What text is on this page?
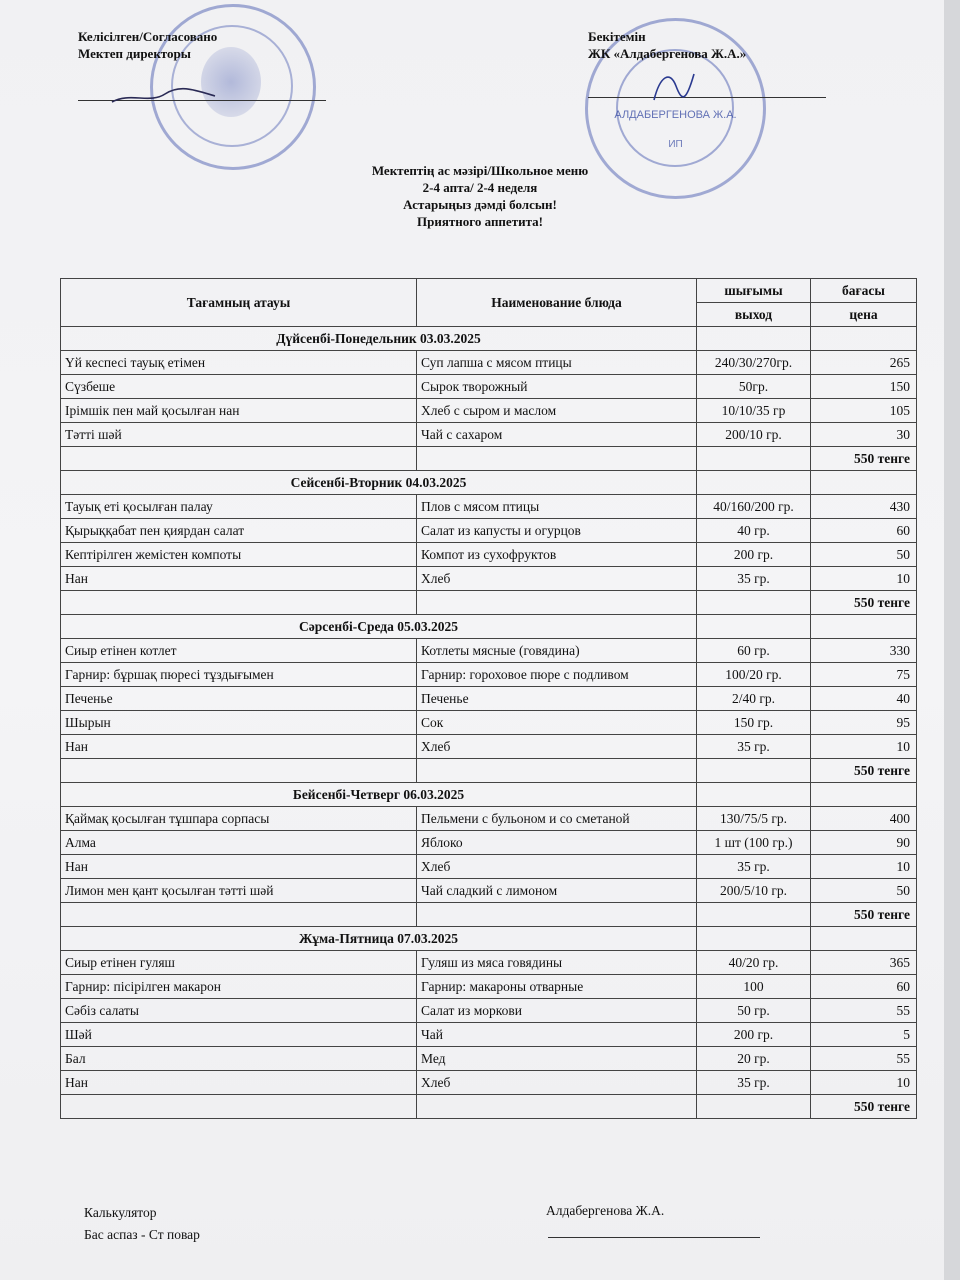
АЛДАБЕРГЕНОВА Ж.А.
ИП
Келісілген/Согласовано
Мектеп директоры
Бекітемін
ЖК «Алдабергенова Ж.А.»
Мектептің ас мәзірі/Школьное меню
2-4 апта/ 2-4 неделя
Астарыңыз дәмді болсын!
Приятного аппетита!
Тағамның атауы	Наименование блюда	шығымы	бағасы
		выход	цена
Дүйсенбі-Понедельник 03.03.2025			
Үй кеспесі тауық етімен	Суп лапша с мясом птицы	240/30/270гр.	265
Сүзбеше	Сырок творожный	50гр.	150
Ірімшік пен май қосылған нан	Хлеб с сыром и маслом	10/10/35 гр	105
Тәтті шәй	Чай с сахаром	200/10 гр.	30
			550 тенге
Сейсенбі-Вторник 04.03.2025			
Тауық еті қосылған палау	Плов с мясом птицы	40/160/200 гр.	430
Қырыққабат пен қиярдан салат	Салат из капусты и огурцов	40 гр.	60
Кептірілген жемістен компоты	Компот из сухофруктов	200 гр.	50
Нан	Хлеб	35 гр.	10
			550 тенге
Сәрсенбі-Среда 05.03.2025			
Сиыр етінен котлет	Котлеты мясные (говядина)	60 гр.	330
Гарнир: бұршақ пюресі тұздығымен	Гарнир: гороховое пюре с подливом	100/20 гр.	75
Печенье	Печенье	2/40 гр.	40
Шырын	Сок	150 гр.	95
Нан	Хлеб	35 гр.	10
			550 тенге
Бейсенбі-Четверг 06.03.2025			
Қаймақ қосылған тұшпара сорпасы	Пельмени с бульоном и со сметаной	130/75/5 гр.	400
Алма	Яблоко	1 шт (100 гр.)	90
Нан	Хлеб	35 гр.	10
Лимон мен қант қосылған тәтті шәй	Чай сладкий с лимоном	200/5/10 гр.	50
			550 тенге
Жұма-Пятница 07.03.2025			
Сиыр етінен гуляш	Гуляш из мяса говядины	40/20 гр.	365
Гарнир: пісірілген макарон	Гарнир: макароны отварные	100	60
Сәбіз салаты	Салат из моркови	50 гр.	55
Шәй	Чай	200 гр.	5
Бал	Мед	20 гр.	55
Нан	Хлеб	35 гр.	10
			550 тенге
Калькулятор
Бас аспаз - Ст повар
Алдабергенова Ж.А.
